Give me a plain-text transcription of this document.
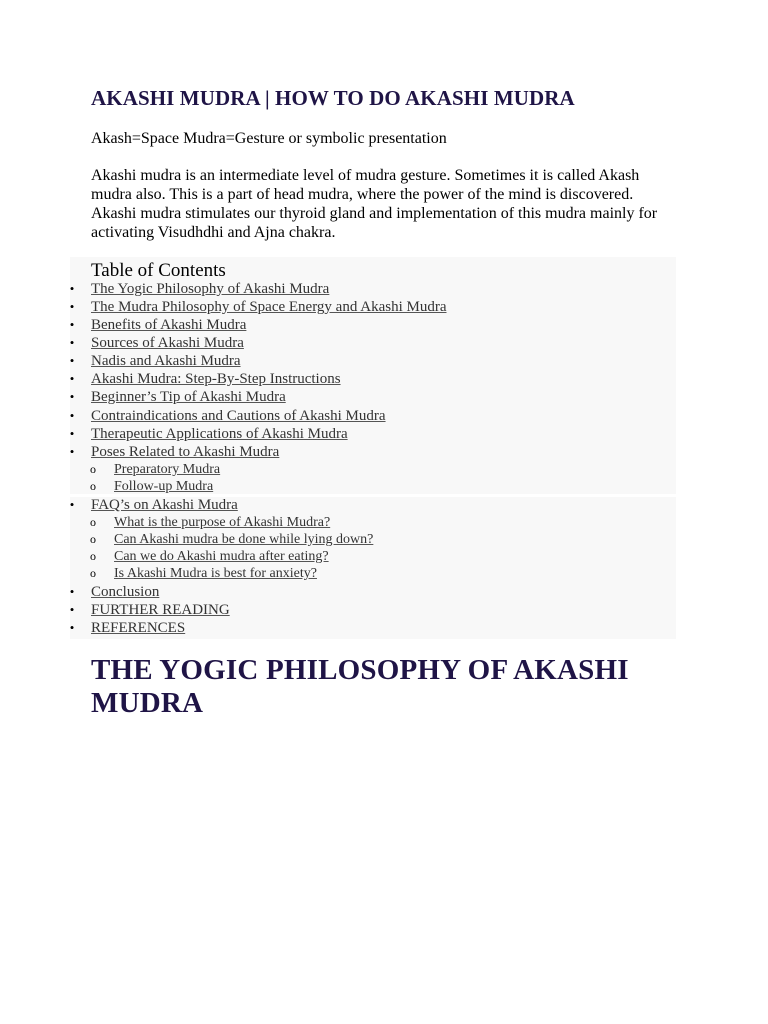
AKASHI MUDRA | HOW TO DO AKASHI MUDRA

Akash=Space Mudra=Gesture or symbolic presentation

Akashi mudra is an intermediate level of mudra gesture. Sometimes it is called Akash mudra also. This is a part of head mudra, where the power of the mind is discovered. Akashi mudra stimulates our thyroid gland and implementation of this mudra mainly for activating Visudhdhi and Ajna chakra.

Table of Contents
• The Yogic Philosophy of Akashi Mudra
• The Mudra Philosophy of Space Energy and Akashi Mudra
• Benefits of Akashi Mudra
• Sources of Akashi Mudra
• Nadis and Akashi Mudra
• Akashi Mudra: Step-By-Step Instructions
• Beginner’s Tip of Akashi Mudra
• Contraindications and Cautions of Akashi Mudra
• Therapeutic Applications of Akashi Mudra
• Poses Related to Akashi Mudra
o Preparatory Mudra
o Follow-up Mudra
• FAQ’s on Akashi Mudra
o What is the purpose of Akashi Mudra?
o Can Akashi mudra be done while lying down?
o Can we do Akashi mudra after eating?
o Is Akashi Mudra is best for anxiety?
• Conclusion
• FURTHER READING
• REFERENCES
THE YOGIC PHILOSOPHY OF AKASHI MUDRA
